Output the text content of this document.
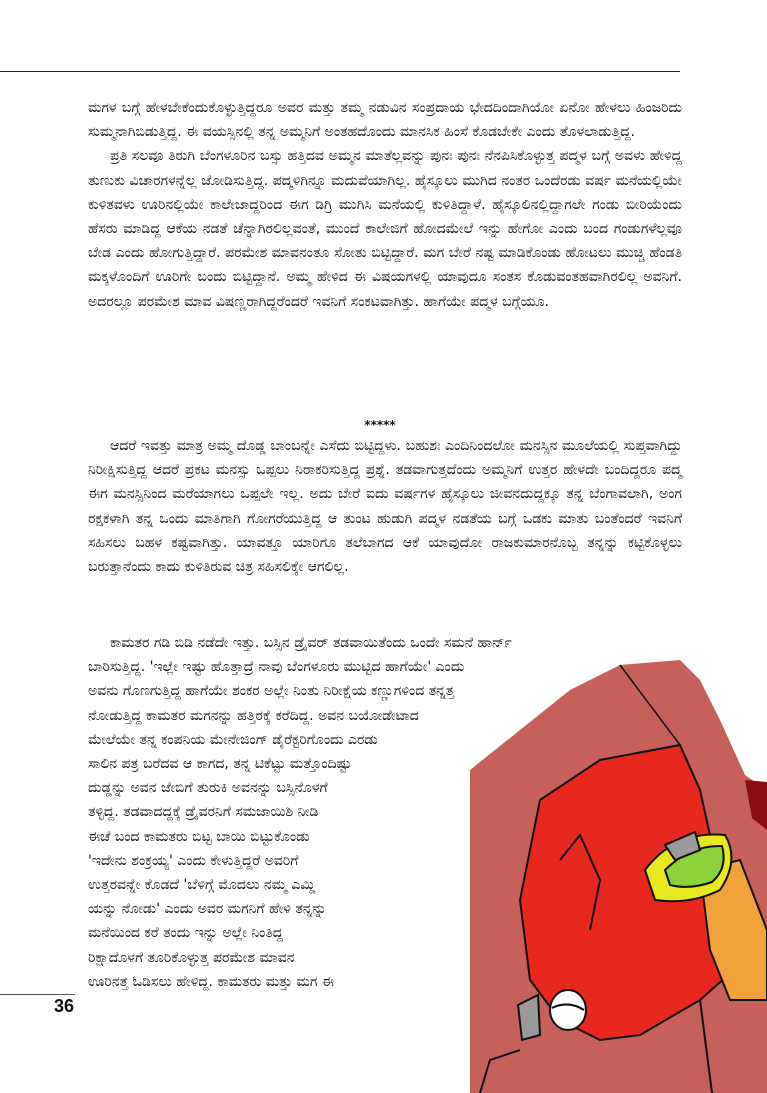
ಮಗಳ ಬಗ್ಗೆ ಹೇಳಬೇಕೆಂದುಕೊಳ್ಳುತ್ತಿದ್ದರೂ ಅವರ ಮತ್ತು ತಮ್ಮ ನಡುವಿನ ಸಂಪ್ರದಾಯ ಭೇದದಿಂದಾಗಿಯೋ ಏನೋ ಹೇಳಲು ಹಿಂಜರಿದು ಸುಮ್ಮನಾಗಿಬಿಡುತ್ತಿದ್ದ. ಈ ವಯಸ್ಸಿನಲ್ಲಿ ತನ್ನ ಅಮ್ಮನಿಗೆ ಅಂತಹದೊಂದು ಮಾನಸಿಕ ಹಿಂಸೆ ಕೊಡಬೇಕೇ ಎಂದು ತೊಳಲಾಡುತ್ತಿದ್ದ.

ಪ್ರತಿ ಸಲವೂ ತಿರುಗಿ ಬೆಂಗಳೂರಿನ ಬಸ್ಸು ಹತ್ತಿದವ ಅಮ್ಮನ ಮಾತೆಲ್ಲವನ್ನು ಪುನಃ ಪುನಃ ನೆನಪಿಸಿಕೊಳ್ಳುತ್ತ ಪದ್ಮಳ ಬಗ್ಗೆ ಅವಳು ಹೇಳಿದ್ದ ತುಣುಕು ವಿಚಾರಗಳನ್ನೆಲ್ಲ ಜೋಡಿಸುತ್ತಿದ್ದ. ಪದ್ಮಳಿಗಿನ್ನೂ ಮದುವೆಯಾಗಿಲ್ಲ. ಹೈಸ್ಕೂಲು ಮುಗಿದ ನಂತರ ಒಂದೆರಡು ವರ್ಷ ಮನೆಯಲ್ಲಿಯೇ ಕುಳಿತವಳು ಊರಿನಲ್ಲಿಯೇ ಕಾಲೇಜಾದ್ದರಿಂದ ಈಗ ಡಿಗ್ರಿ ಮುಗಿಸಿ ಮನೆಯಲ್ಲಿ ಕುಳಿತಿದ್ದಾಳೆ. ಹೈಸ್ಕೂಲಿನಲ್ಲಿದ್ದಾಗಲೇ ಗಂಡು ಬೀರಿಯೆಂದು ಹೆಸರು ಮಾಡಿದ್ದ ಆಕೆಯ ನಡತೆ ಚೆನ್ನಾಗಿರಲಿಲ್ಲವಂತೆ, ಮುಂದೆ ಕಾಲೇಜಿಗೆ ಹೋದಮೇಲೆ ಇನ್ನು ಹೇಗೋ ಎಂದು ಬಂದ ಗಂಡುಗಳೆಲ್ಲವೂ ಬೇಡ ಎಂದು ಹೋಗುತ್ತಿದ್ದಾರೆ. ಪರಮೇಶ ಮಾವನಂತೂ ಸೋತು ಬಿಟ್ಟಿದ್ದಾರೆ. ಮಗ ಬೇರೆ ನಷ್ಟ ಮಾಡಿಕೊಂಡು ಹೋಟಲು ಮುಚ್ಚಿ ಹೆಂಡತಿ ಮಕ್ಕಳೊಂದಿಗೆ ಊರಿಗೇ ಬಂದು ಬಿಟ್ಟಿದ್ದಾನೆ. ಅಮ್ಮ ಹೇಳಿದ ಈ ವಿಷಯಗಳಲ್ಲಿ ಯಾವುದೂ ಸಂತಸ ಕೊಡುವಂತಹವಾಗಿರಲಿಲ್ಲ ಅವನಿಗೆ. ಅದರಲ್ಲೂ ಪರಮೇಶ ಮಾವ ವಿಷಣ್ಣರಾಗಿದ್ದರೆಂದರೆ ಇವನಿಗೆ ಸಂಕಟವಾಗಿತ್ತು. ಹಾಗೆಯೇ ಪದ್ಮಳ ಬಗ್ಗೆಯೂ.

*****

ಆದರೆ ಇವತ್ತು ಮಾತ್ರ ಅಮ್ಮ ದೊಡ್ಡ ಬಾಂಬನ್ನೇ ಎಸೆದು ಬಿಟ್ಟಿದ್ದಳು. ಬಹುಶಃ ಎಂದಿನಿಂದಲೋ ಮನಸ್ಸಿನ ಮೂಲೆಯಲ್ಲಿ ಸುಪ್ತವಾಗಿದ್ದು ನಿರೀಕ್ಷಿಸುತ್ತಿದ್ದ ಆದರೆ ಪ್ರಕಟ ಮನಸ್ಸು ಒಪ್ಪಲು ನಿರಾಕರಿಸುತ್ತಿದ್ದ ಪ್ರಶ್ನೆ. ತಡವಾಗುತ್ತದೆಂದು ಅಮ್ಮನಿಗೆ ಉತ್ತರ ಹೇಳದೇ ಬಂದಿದ್ದರೂ ಪದ್ಮ ಈಗ ಮನಸ್ಸಿನಿಂದ ಮರೆಯಾಗಲು ಒಪ್ಪಲೇ ಇಲ್ಲ. ಅದು ಬೇರೆ ಐದು ವರ್ಷಗಳ ಹೈಸ್ಕೂಲು ಜೀವನದುದ್ದಕ್ಕೂ ತನ್ನ ಬೆಂಗಾವಲಾಗಿ, ಅಂಗ ರಕ್ಷಕಳಾಗಿ ತನ್ನ ಒಂದು ಮಾತಿಗಾಗಿ ಗೋಗರೆಯುತ್ತಿದ್ದ ಆ ತುಂಟ ಹುಡುಗಿ ಪದ್ಮಳ ನಡತೆಯ ಬಗ್ಗೆ ಒಡಕು ಮಾತು ಬಂತೆಂದರೆ ಇವನಿಗೆ ಸಹಿಸಲು ಬಹಳ ಕಷ್ಟವಾಗಿತ್ತು. ಯಾವತ್ತೂ ಯಾರಿಗೂ ತಲೆಬಾಗದ ಆಕೆ ಯಾವುದೋ ರಾಜಕುಮಾರನೊಬ್ಬ ತನ್ನನ್ನು ಕಟ್ಟಿಕೊಳ್ಳಲು ಬರುತ್ತಾನೆಂದು ಕಾದು ಕುಳಿತಿರುವ ಚಿತ್ರ ಸಹಿಸಲಿಕ್ಕೇ ಆಗಲಿಲ್ಲ.

ಕಾಮತರ ಗಡಿ ಬಿಡಿ ನಡೆದೇ ಇತ್ತು. ಬಸ್ಸಿನ ಡ್ರೈವರ್ ತಡವಾಯಿತೆಂದು ಒಂದೇ ಸಮನೆ ಹಾರ್ನ್
ಬಾರಿಸುತ್ತಿದ್ದ. 'ಇಲ್ಲೇ ಇಷ್ಟು ಹೊತ್ತಾದ್ರೆ ನಾವು ಬೆಂಗಳೂರು ಮುಟ್ಟಿದ ಹಾಗೆಯೇ' ಎಂದು
ಅವನು ಗೊಣಗುತ್ತಿದ್ದ ಹಾಗೆಯೇ ಶಂಕರ ಅಲ್ಲೇ ನಿಂತು ನಿರೀಕ್ಷೆಯ ಕಣ್ಣುಗಳಿಂದ ತನ್ನತ್ತ
ನೋಡುತ್ತಿದ್ದ ಕಾಮತರ ಮಗನನ್ನು ಹತ್ತಿರಕ್ಕೆ ಕರೆದಿದ್ದ. ಅವನ ಬಯೋಡೇಟಾದ
ಮೇಲೆಯೇ ತನ್ನ ಕಂಪನಿಯ ಮೇನೇಜಿಂಗ್ ಡೈರೆಕ್ಟರಿಗೊಂದು ಎರಡು
ಸಾಲಿನ ಪತ್ರ ಬರೆದವ ಆ ಕಾಗದ, ತನ್ನ ಟಿಕೆಟ್ಟು ಮತ್ತೊಂದಿಷ್ಟು
ದುಡ್ಡನ್ನು ಅವನ ಜೇಬಿಗೆ ತುರುಕಿ ಅವನನ್ನು ಬಸ್ಸಿನೊಳಗೆ
ತಳ್ಳಿದ್ದ. ತಡವಾದದ್ದಕ್ಕೆ ಡ್ರೈವರನಿಗೆ ಸಮಜಾಯಿಶಿ ನೀಡಿ
ಈಚೆ ಬಂದ ಕಾಮತರು ಬಿಟ್ಟ ಬಾಯಿ ಬಿಟ್ಟುಕೊಂಡು
'ಇದೇನು ಶಂಕ್ರಯ್ಯ' ಎಂದು ಕೇಳುತ್ತಿದ್ದರೆ ಅವರಿಗೆ
ಉತ್ತರವನ್ನೇ ಕೊಡದೆ 'ಬೆಳಿಗ್ಗೆ ಮೊದಲು ನಮ್ಮ ಎಮ್ಡಿ
ಯನ್ನು ನೋಡು' ಎಂದು ಅವರ ಮಗನಿಗೆ ಹೇಳಿ ತನ್ನನ್ನು
ಮನೆಯಿಂದ ಕರೆ ತಂದು ಇನ್ನು ಅಲ್ಲೇ ನಿಂತಿದ್ದ
ರಿಕ್ಷಾದೊಳಗೆ ತೂರಿಕೊಳ್ಳುತ್ತ ಪರಮೇಶ ಮಾವನ
ಊರಿನತ್ತ ಓಡಿಸಲು ಹೇಳಿದ್ದ. ಕಾಮತರು ಮತ್ತು ಮಗ ಈ
36
